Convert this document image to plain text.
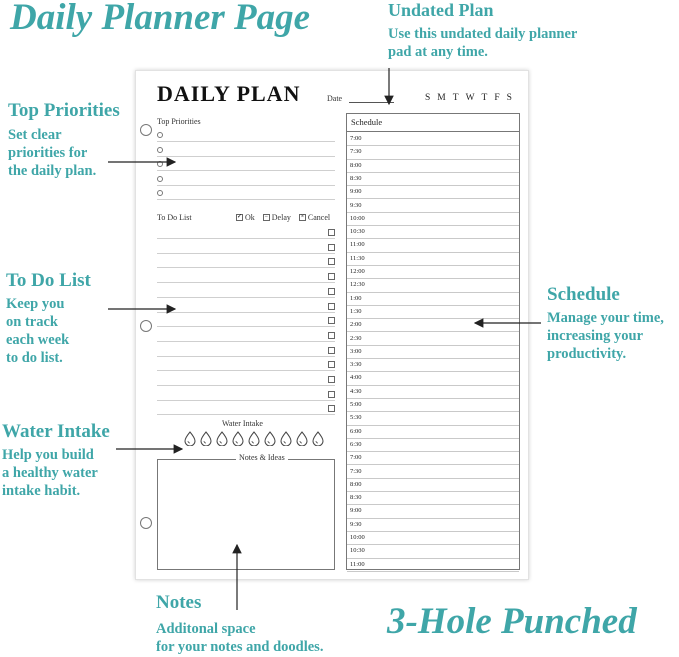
Daily Planner Page	Undated Plan
Use this undated daily planner
pad at any time.
Top Priorities
Set clear
priorities for
the daily plan.
To Do List
Keep you
on track
each week
to do list.
Water Intake
Help you build
a healthy water
intake habit.
Schedule
Manage your time,
increasing your
productivity.
Notes
Additonal space
for your notes and doodles.
3-Hole Punched
DAILY PLAN	Date	S M T W T F S
Top Priorities
To Do List	✓ Ok − Delay × Cancel
Water Intake
Notes & Ideas
Schedule
7:00
7:30
8:00
8:30
9:00
9:30
10:00
10:30
11:00
11:30
12:00
12:30
1:00
1:30
2:00
2:30
3:00
3:30
4:00
4:30
5:00
5:30
6:00
6:30
7:00
7:30
8:00
8:30
9:00
9:30
10:00
10:30
11:00
